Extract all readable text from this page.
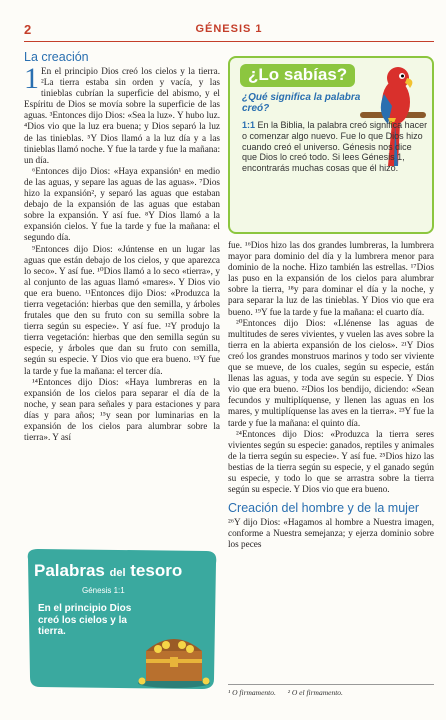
2	GÉNESIS 1
La creación

1 En el principio Dios creó los cielos y la tierra. ²La tierra estaba sin orden y vacía, y las tinieblas cubrían la superficie del abismo, y el Espíritu de Dios se movía sobre la superficie de las aguas. ³Entonces dijo Dios: «Sea la luz». Y hubo luz. ⁴Dios vio que la luz era buena; y Dios separó la luz de las tinieblas. ⁵Y Dios llamó a la luz día y a las tinieblas llamó noche. Y fue la tarde y fue la mañana: un día.

⁶Entonces dijo Dios: «Haya expansión¹ en medio de las aguas, y separe las aguas de las aguas». ⁷Dios hizo la expansión², y separó las aguas que estaban debajo de la expansión de las aguas que estaban sobre la expansión. Y así fue. ⁸Y Dios llamó a la expansión cielos. Y fue la tarde y fue la mañana: el segundo día.

⁹Entonces dijo Dios: «Júntense en un lugar las aguas que están debajo de los cielos, y que aparezca lo seco». Y así fue. ¹⁰Dios llamó a lo seco «tierra», y al conjunto de las aguas llamó «mares». Y Dios vio que era bueno. ¹¹Entonces dijo Dios: «Produzca la tierra vegetación: hierbas que den semilla, y árboles frutales que den su fruto con su semilla sobre la tierra según su especie». Y así fue. ¹²Y produjo la tierra vegetación: hierbas que den semilla según su especie, y árboles que dan su fruto con semilla, según su especie. Y Dios vio que era bueno. ¹³Y fue la tarde y fue la mañana: el tercer día.

¹⁴Entonces dijo Dios: «Haya lumbreras en la expansión de los cielos para separar el día de la noche, y sean para señales y para estaciones y para días y para años; ¹⁵y sean por luminarias en la expansión de los cielos para alumbrar sobre la tierra». Y así

¿Lo sabías?
¿Qué significa la palabra creó?
1:1 En la Biblia, la palabra creó significa hacer o comenzar algo nuevo. Fue lo que Dios hizo cuando creó el universo. Génesis nos dice que Dios lo creó todo. Si lees Génesis 1, encontrarás muchas cosas que él hizo.

fue. ¹⁶Dios hizo las dos grandes lumbreras, la lumbrera mayor para dominio del día y la lumbrera menor para dominio de la noche. Hizo también las estrellas. ¹⁷Dios las puso en la expansión de los cielos para alumbrar sobre la tierra, ¹⁸y para dominar el día y la noche, y para separar la luz de las tinieblas. Y Dios vio que era bueno. ¹⁹Y fue la tarde y fue la mañana: el cuarto día.

²⁰Entonces dijo Dios: «Llénense las aguas de multitudes de seres vivientes, y vuelen las aves sobre la tierra en la abierta expansión de los cielos». ²¹Y Dios creó los grandes monstruos marinos y todo ser viviente que se mueve, de los cuales, según su especie, están llenas las aguas, y toda ave según su especie. Y Dios vio que era bueno. ²²Dios los bendijo, diciendo: «Sean fecundos y multiplíquense, y llenen las aguas en los mares, y multiplíquense las aves en la tierra». ²³Y fue la tarde y fue la mañana: el quinto día.

²⁴Entonces dijo Dios: «Produzca la tierra seres vivientes según su especie: ganados, reptiles y animales de la tierra según su especie». Y así fue. ²⁵Dios hizo las bestias de la tierra según su especie, y el ganado según su especie, y todo lo que se arrastra sobre la tierra según su especie. Y Dios vio que era bueno.

Creación del hombre y de la mujer

²⁶Y dijo Dios: «Hagamos al hombre a Nuestra imagen, conforme a Nuestra semejanza; y ejerza dominio sobre los peces

Palabras del tesoro
Génesis 1:1
En el principio Dios creó los cielos y la tierra.
¹ O firmamento. ² O el firmamento.
